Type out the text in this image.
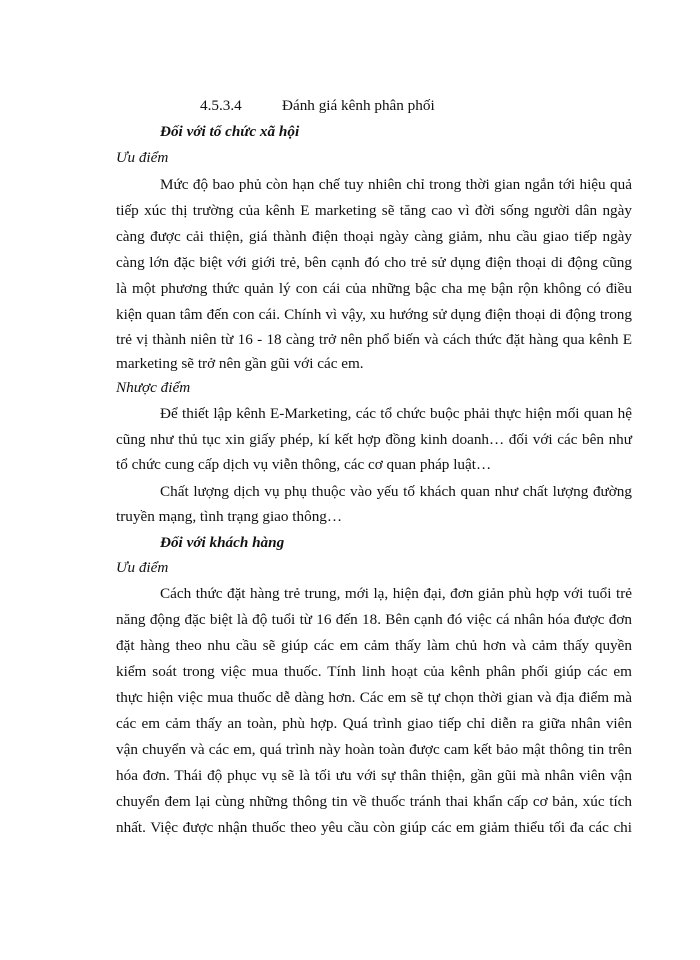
4.5.3.4	Đánh giá kênh phân phối
Đối với tổ chức xã hội
Ưu điểm
Mức độ bao phủ còn hạn chế tuy nhiên chỉ trong thời gian ngắn tới hiệu quả
tiếp xúc thị trường của kênh E marketing sẽ tăng cao vì đời sống người dân ngày
càng được cải thiện, giá thành điện thoại ngày càng giảm, nhu cầu giao tiếp ngày
càng lớn đặc biệt với giới trẻ, bên cạnh đó cho trẻ sử dụng điện thoại di động cũng
là một phương thức quản lý con cái của những bậc cha mẹ bận rộn không có điều
kiện quan tâm đến con cái. Chính vì vậy, xu hướng sử dụng điện thoại di động trong
trẻ vị thành niên từ 16 - 18 càng trở nên phổ biến và cách thức đặt hàng qua kênh E
marketing sẽ trở nên gần gũi với các em.
Nhược điểm
Để thiết lập kênh E-Marketing, các tổ chức buộc phải thực hiện mối quan hệ
cũng như thủ tục xin giấy phép, kí kết hợp đồng kinh doanh… đối với các bên như
tổ chức cung cấp dịch vụ viễn thông, các cơ quan pháp luật…
Chất lượng dịch vụ phụ thuộc vào yếu tố khách quan như chất lượng đường
truyền mạng, tình trạng giao thông…
Đối với khách hàng
Ưu điểm
Cách thức đặt hàng trẻ trung, mới lạ, hiện đại, đơn giản phù hợp với tuổi trẻ
năng động đặc biệt là độ tuổi từ 16 đến 18. Bên cạnh đó việc cá nhân hóa được đơn
đặt hàng theo nhu cầu sẽ giúp các em cảm thấy làm chủ hơn và cảm thấy quyền
kiểm soát trong việc mua thuốc. Tính linh hoạt của kênh phân phối giúp các em
thực hiện việc mua thuốc dễ dàng hơn. Các em sẽ tự chọn thời gian và địa điểm mà
các em cảm thấy an toàn, phù hợp. Quá trình giao tiếp chỉ diễn ra giữa nhân viên
vận chuyển và các em, quá trình này hoàn toàn được cam kết bảo mật thông tin trên
hóa đơn. Thái độ phục vụ sẽ là tối ưu với sự thân thiện, gần gũi mà nhân viên vận
chuyển đem lại cùng những thông tin về thuốc tránh thai khẩn cấp cơ bản, xúc tích
nhất. Việc được nhận thuốc theo yêu cầu còn giúp các em giảm thiểu tối đa các chi
